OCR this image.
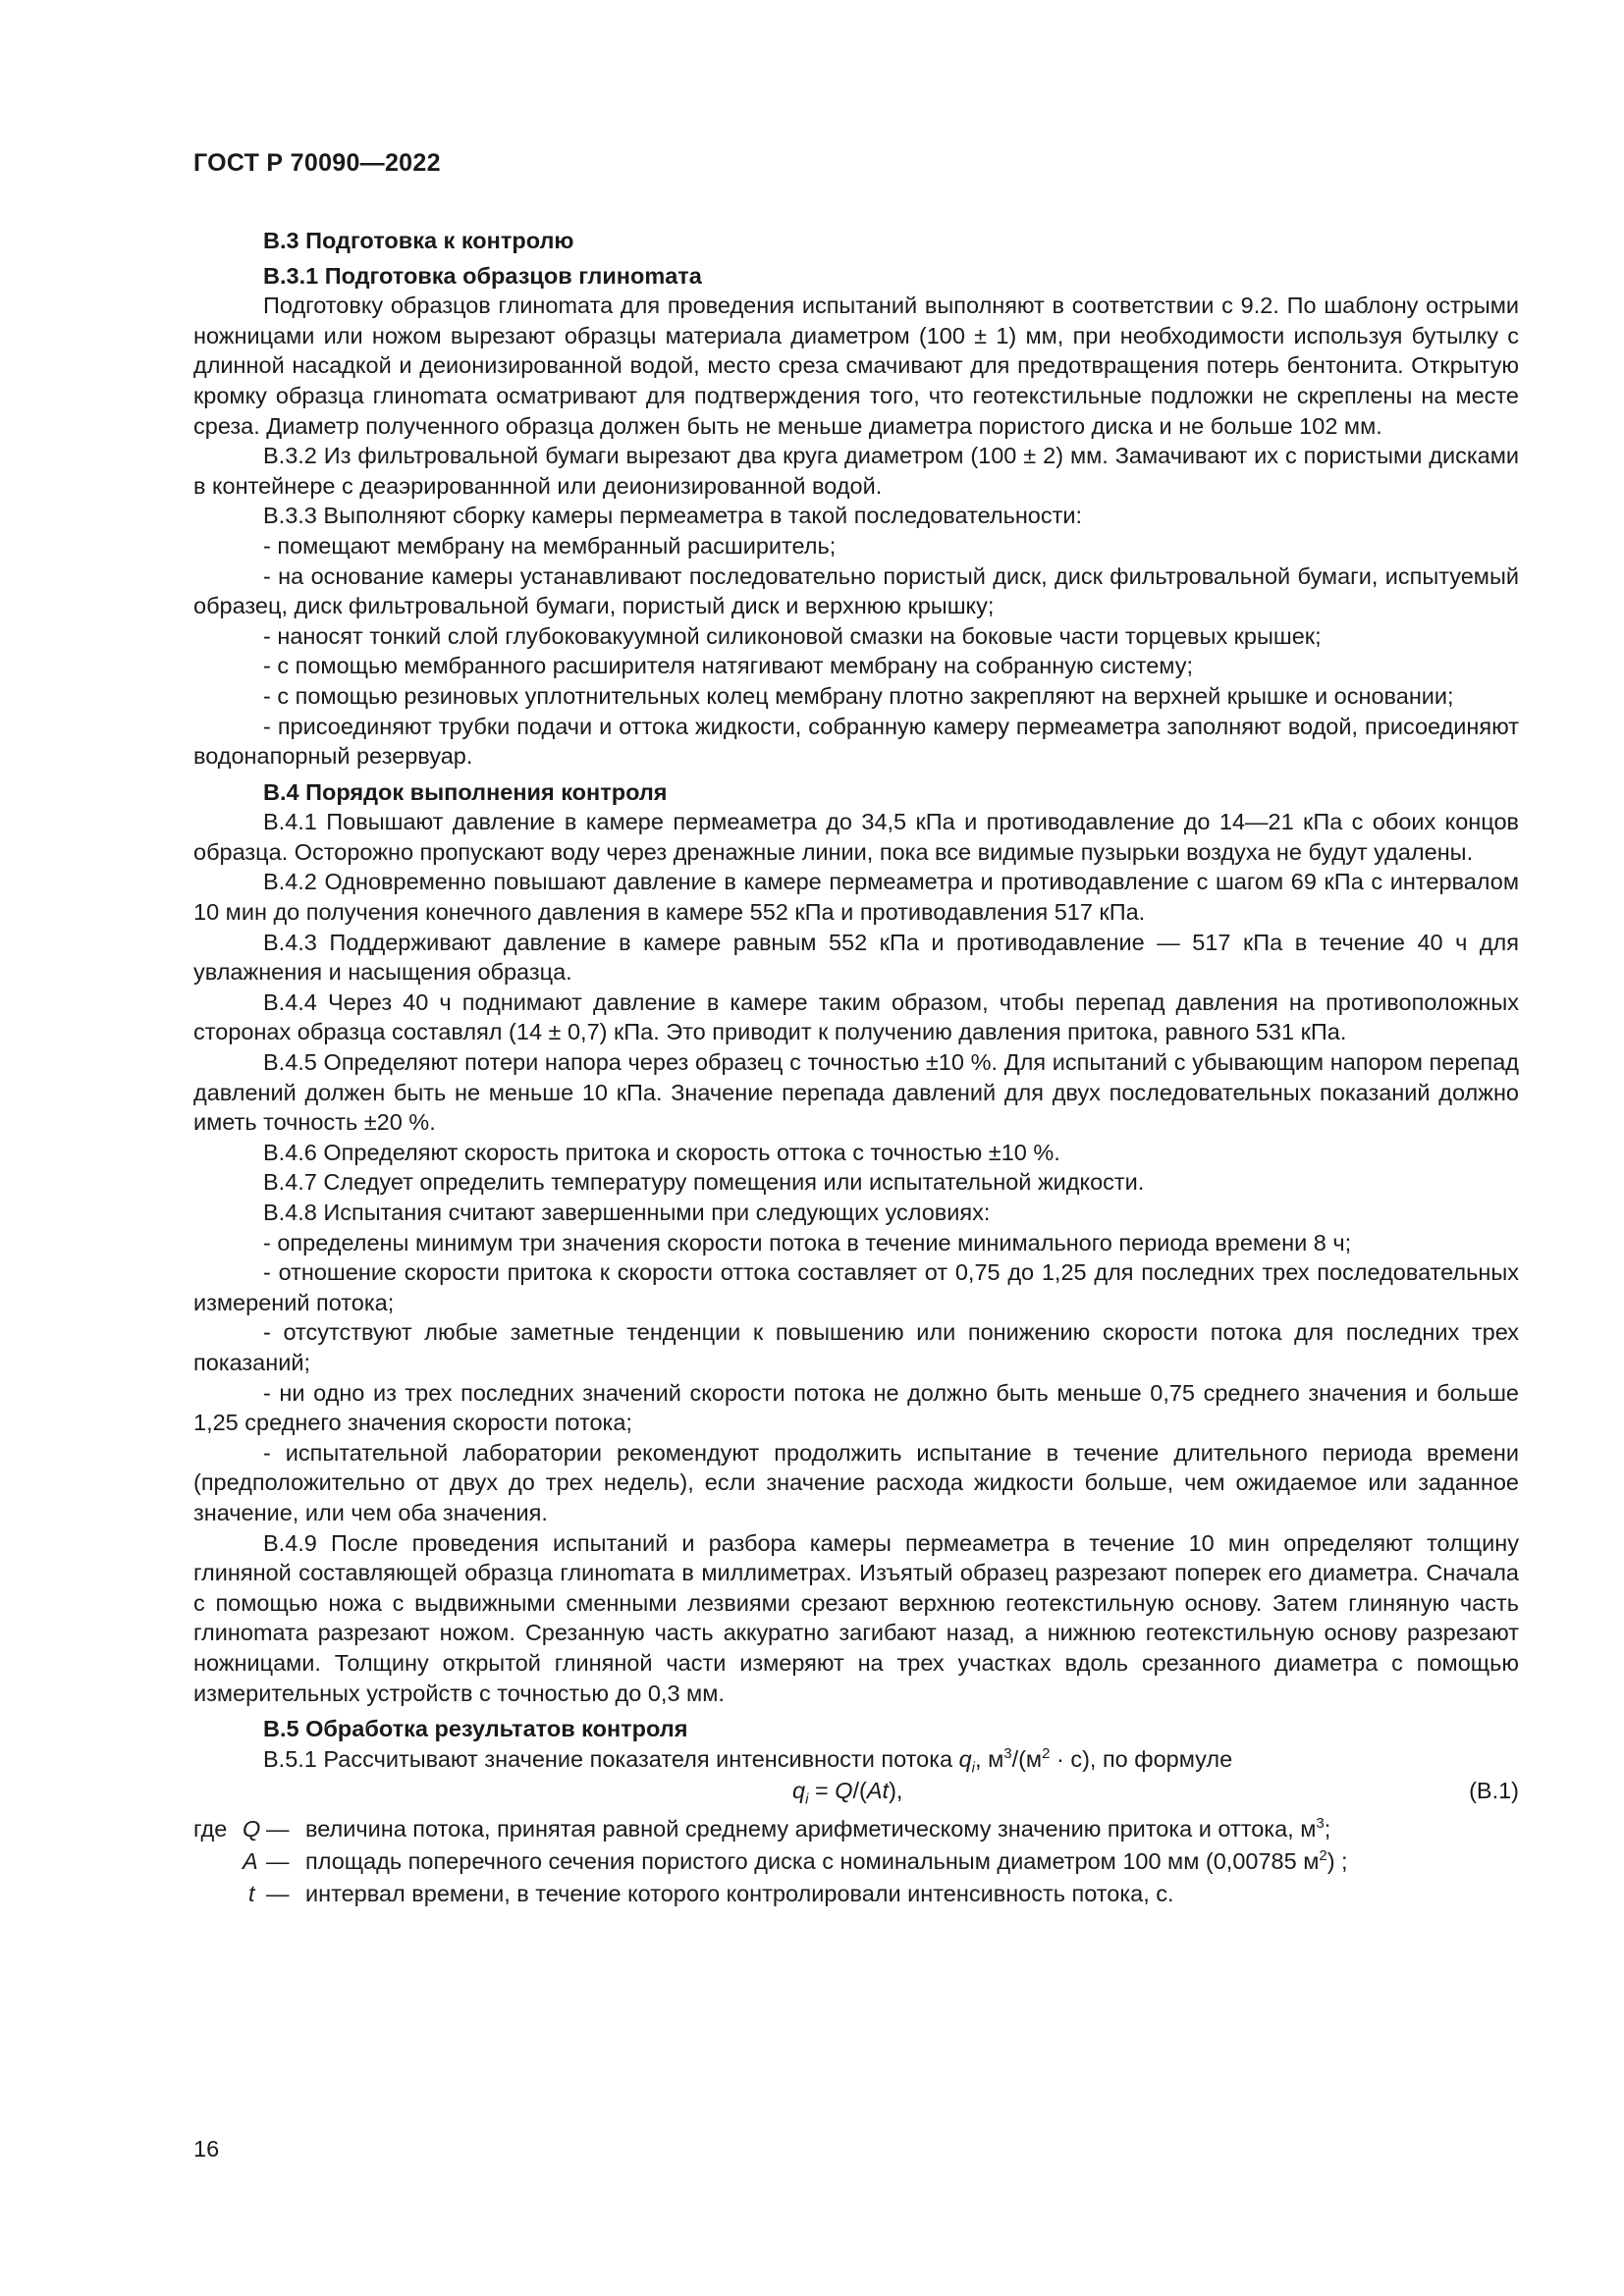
ГОСТ Р 70090—2022
В.3 Подготовка к контролю
В.3.1 Подготовка образцов глинomата

Подготовку образцов глинomата для проведения испытаний выполняют в соответствии с 9.2. По шаблону острыми ножницами или ножом вырезают образцы материала диаметром (100 ± 1) мм, при необходимости используя бутылку с длинной насадкой и деионизированной водой, место среза смачивают для предотвращения потерь бентонита. Открытую кромку образца глинomата осматривают для подтверждения того, что геотекстильные подложки не скреплены на месте среза. Диаметр полученного образца должен быть не меньше диаметра пористого диска и не больше 102 мм.

В.3.2 Из фильтровальной бумаги вырезают два круга диаметром (100 ± 2) мм. Замачивают их с пористыми дисками в контейнере с деаэрированнной или деионизированной водой.

В.3.3 Выполняют сборку камеры пермеаметра в такой последовательности:

- помещают мембрану на мембранный расширитель;

- на основание камеры устанавливают последовательно пористый диск, диск фильтровальной бумаги, испытуемый образец, диск фильтровальной бумаги, пористый диск и верхнюю крышку;

- наносят тонкий слой глубоковакуумной силиконовой смазки на боковые части торцевых крышек;

- с помощью мембранного расширителя натягивают мембрану на собранную систему;

- с помощью резиновых уплотнительных колец мембрану плотно закрепляют на верхней крышке и основании;

- присоединяют трубки подачи и оттока жидкости, собранную камеру пермеаметра заполняют водой, присоединяют водонапорный резервуар.

В.4 Порядок выполнения контроля

В.4.1 Повышают давление в камере пермеаметра до 34,5 кПа и противодавление до 14—21 кПа с обоих концов образца. Осторожно пропускают воду через дренажные линии, пока все видимые пузырьки воздуха не будут удалены.

В.4.2 Одновременно повышают давление в камере пермеаметра и противодавление с шагом 69 кПа с интервалом 10 мин до получения конечного давления в камере 552 кПа и противодавления 517 кПа.

В.4.3 Поддерживают давление в камере равным 552 кПа и противодавление — 517 кПа в течение 40 ч для увлажнения и насыщения образца.

В.4.4 Через 40 ч поднимают давление в камере таким образом, чтобы перепад давления на противоположных сторонах образца составлял (14 ± 0,7) кПа. Это приводит к получению давления притока, равного 531 кПа.

В.4.5 Определяют потери напора через образец с точностью ±10 %. Для испытаний с убывающим напором перепад давлений должен быть не меньше 10 кПа. Значение перепада давлений для двух последовательных показаний должно иметь точность ±20 %.

В.4.6 Определяют скорость притока и скорость оттока с точностью ±10 %.

В.4.7 Следует определить температуру помещения или испытательной жидкости.

В.4.8 Испытания считают завершенными при следующих условиях:

- определены минимум три значения скорости потока в течение минимального периода времени 8 ч;

- отношение скорости притока к скорости оттока составляет от 0,75 до 1,25 для последних трех последовательных измерений потока;

- отсутствуют любые заметные тенденции к повышению или понижению скорости потока для последних трех показаний;

- ни одно из трех последних значений скорости потока не должно быть меньше 0,75 среднего значения и больше 1,25 среднего значения скорости потока;

- испытательной лаборатории рекомендуют продолжить испытание в течение длительного периода времени (предположительно от двух до трех недель), если значение расхода жидкости больше, чем ожидаемое или заданное значение, или чем оба значения.

В.4.9 После проведения испытаний и разбора камеры пермеаметра в течение 10 мин определяют толщину глиняной составляющей образца глинomата в миллиметрах. Изъятый образец разрезают поперек его диаметра. Сначала с помощью ножа с выдвижными сменными лезвиями срезают верхнюю геотекстильную основу. Затем глиняную часть глинomата разрезают ножом. Срезанную часть аккуратно загибают назад, а нижнюю геотекстильную основу разрезают ножницами. Толщину открытой глиняной части измеряют на трех участках вдоль срезанного диаметра с помощью измерительных устройств с точностью до 0,3 мм.

В.5 Обработка результатов контроля

В.5.1 Рассчитывают значение показателя интенсивности потока $q_i$, $м^3/(м^2 \cdot с)$, по формуле

$q_i = Q/(At)$,	(В.1)
где Q — величина потока, принятая равной среднему арифметическому значению притока и оттока, $м^3$;
A — площадь поперечного сечения пористого диска с номинальным диаметром 100 мм (0,00785 $м^2$) ;
t — интервал времени, в течение которого контролировали интенсивность потока, с.
16
